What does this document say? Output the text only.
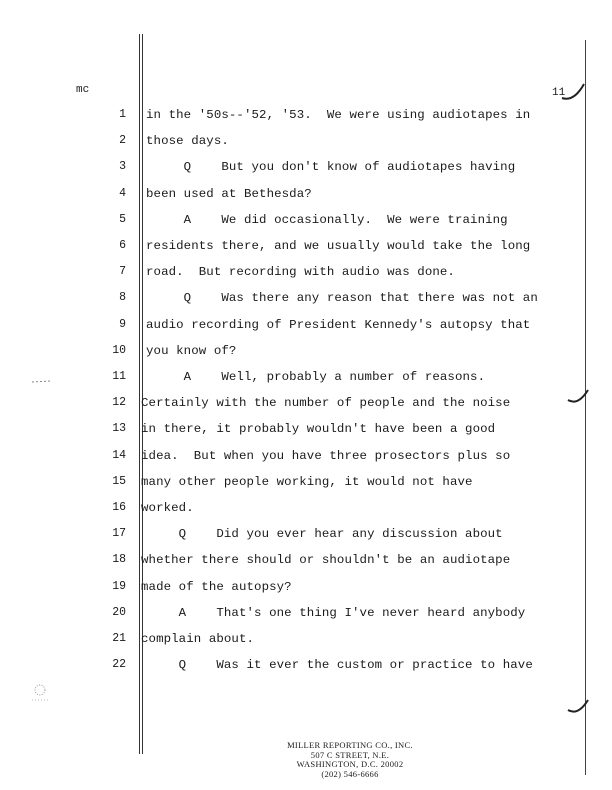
mc	11
1 in the '50s--'52, '53.  We were using audiotapes in
2 those days.
3 Q    But you don't know of audiotapes having
4 been used at Bethesda?
5 A    We did occasionally.  We were training
6 residents there, and we usually would take the long
7 road.  But recording with audio was done.
8 Q    Was there any reason that there was not an
9 audio recording of President Kennedy's autopsy that
10 you know of?
11 A    Well, probably a number of reasons.
12 Certainly with the number of people and the noise
13 in there, it probably wouldn't have been a good
14 idea.  But when you have three prosectors plus so
15 many other people working, it would not have
16 worked.
17 Q    Did you ever hear any discussion about
18 whether there should or shouldn't be an audiotape
19 made of the autopsy?
20 A    That's one thing I've never heard anybody
21 complain about.
22 Q    Was it ever the custom or practice to have
MILLER REPORTING CO., INC.
507 C STREET, N.E.
WASHINGTON, D.C. 20002
(202) 546-6666
